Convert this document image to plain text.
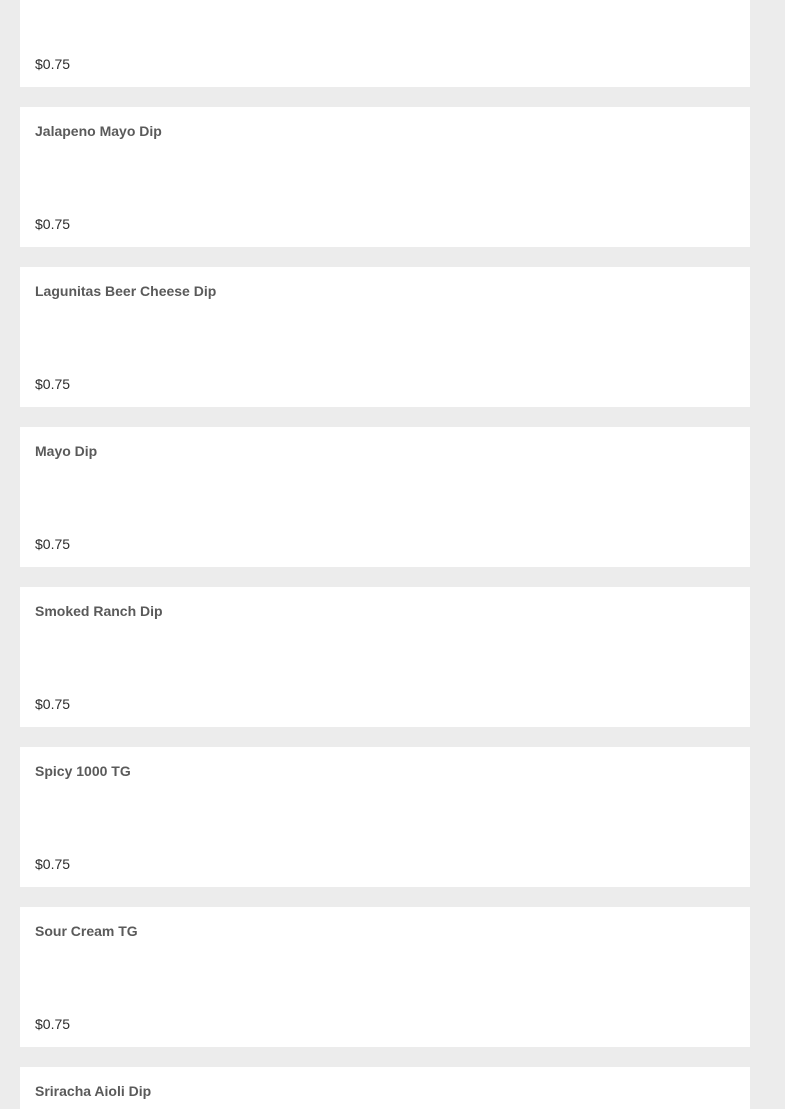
$0.75
Jalapeno Mayo Dip
$0.75
Lagunitas Beer Cheese Dip
$0.75
Mayo Dip
$0.75
Smoked Ranch Dip
$0.75
Spicy 1000 TG
$0.75
Sour Cream TG
$0.75
Sriracha Aioli Dip
